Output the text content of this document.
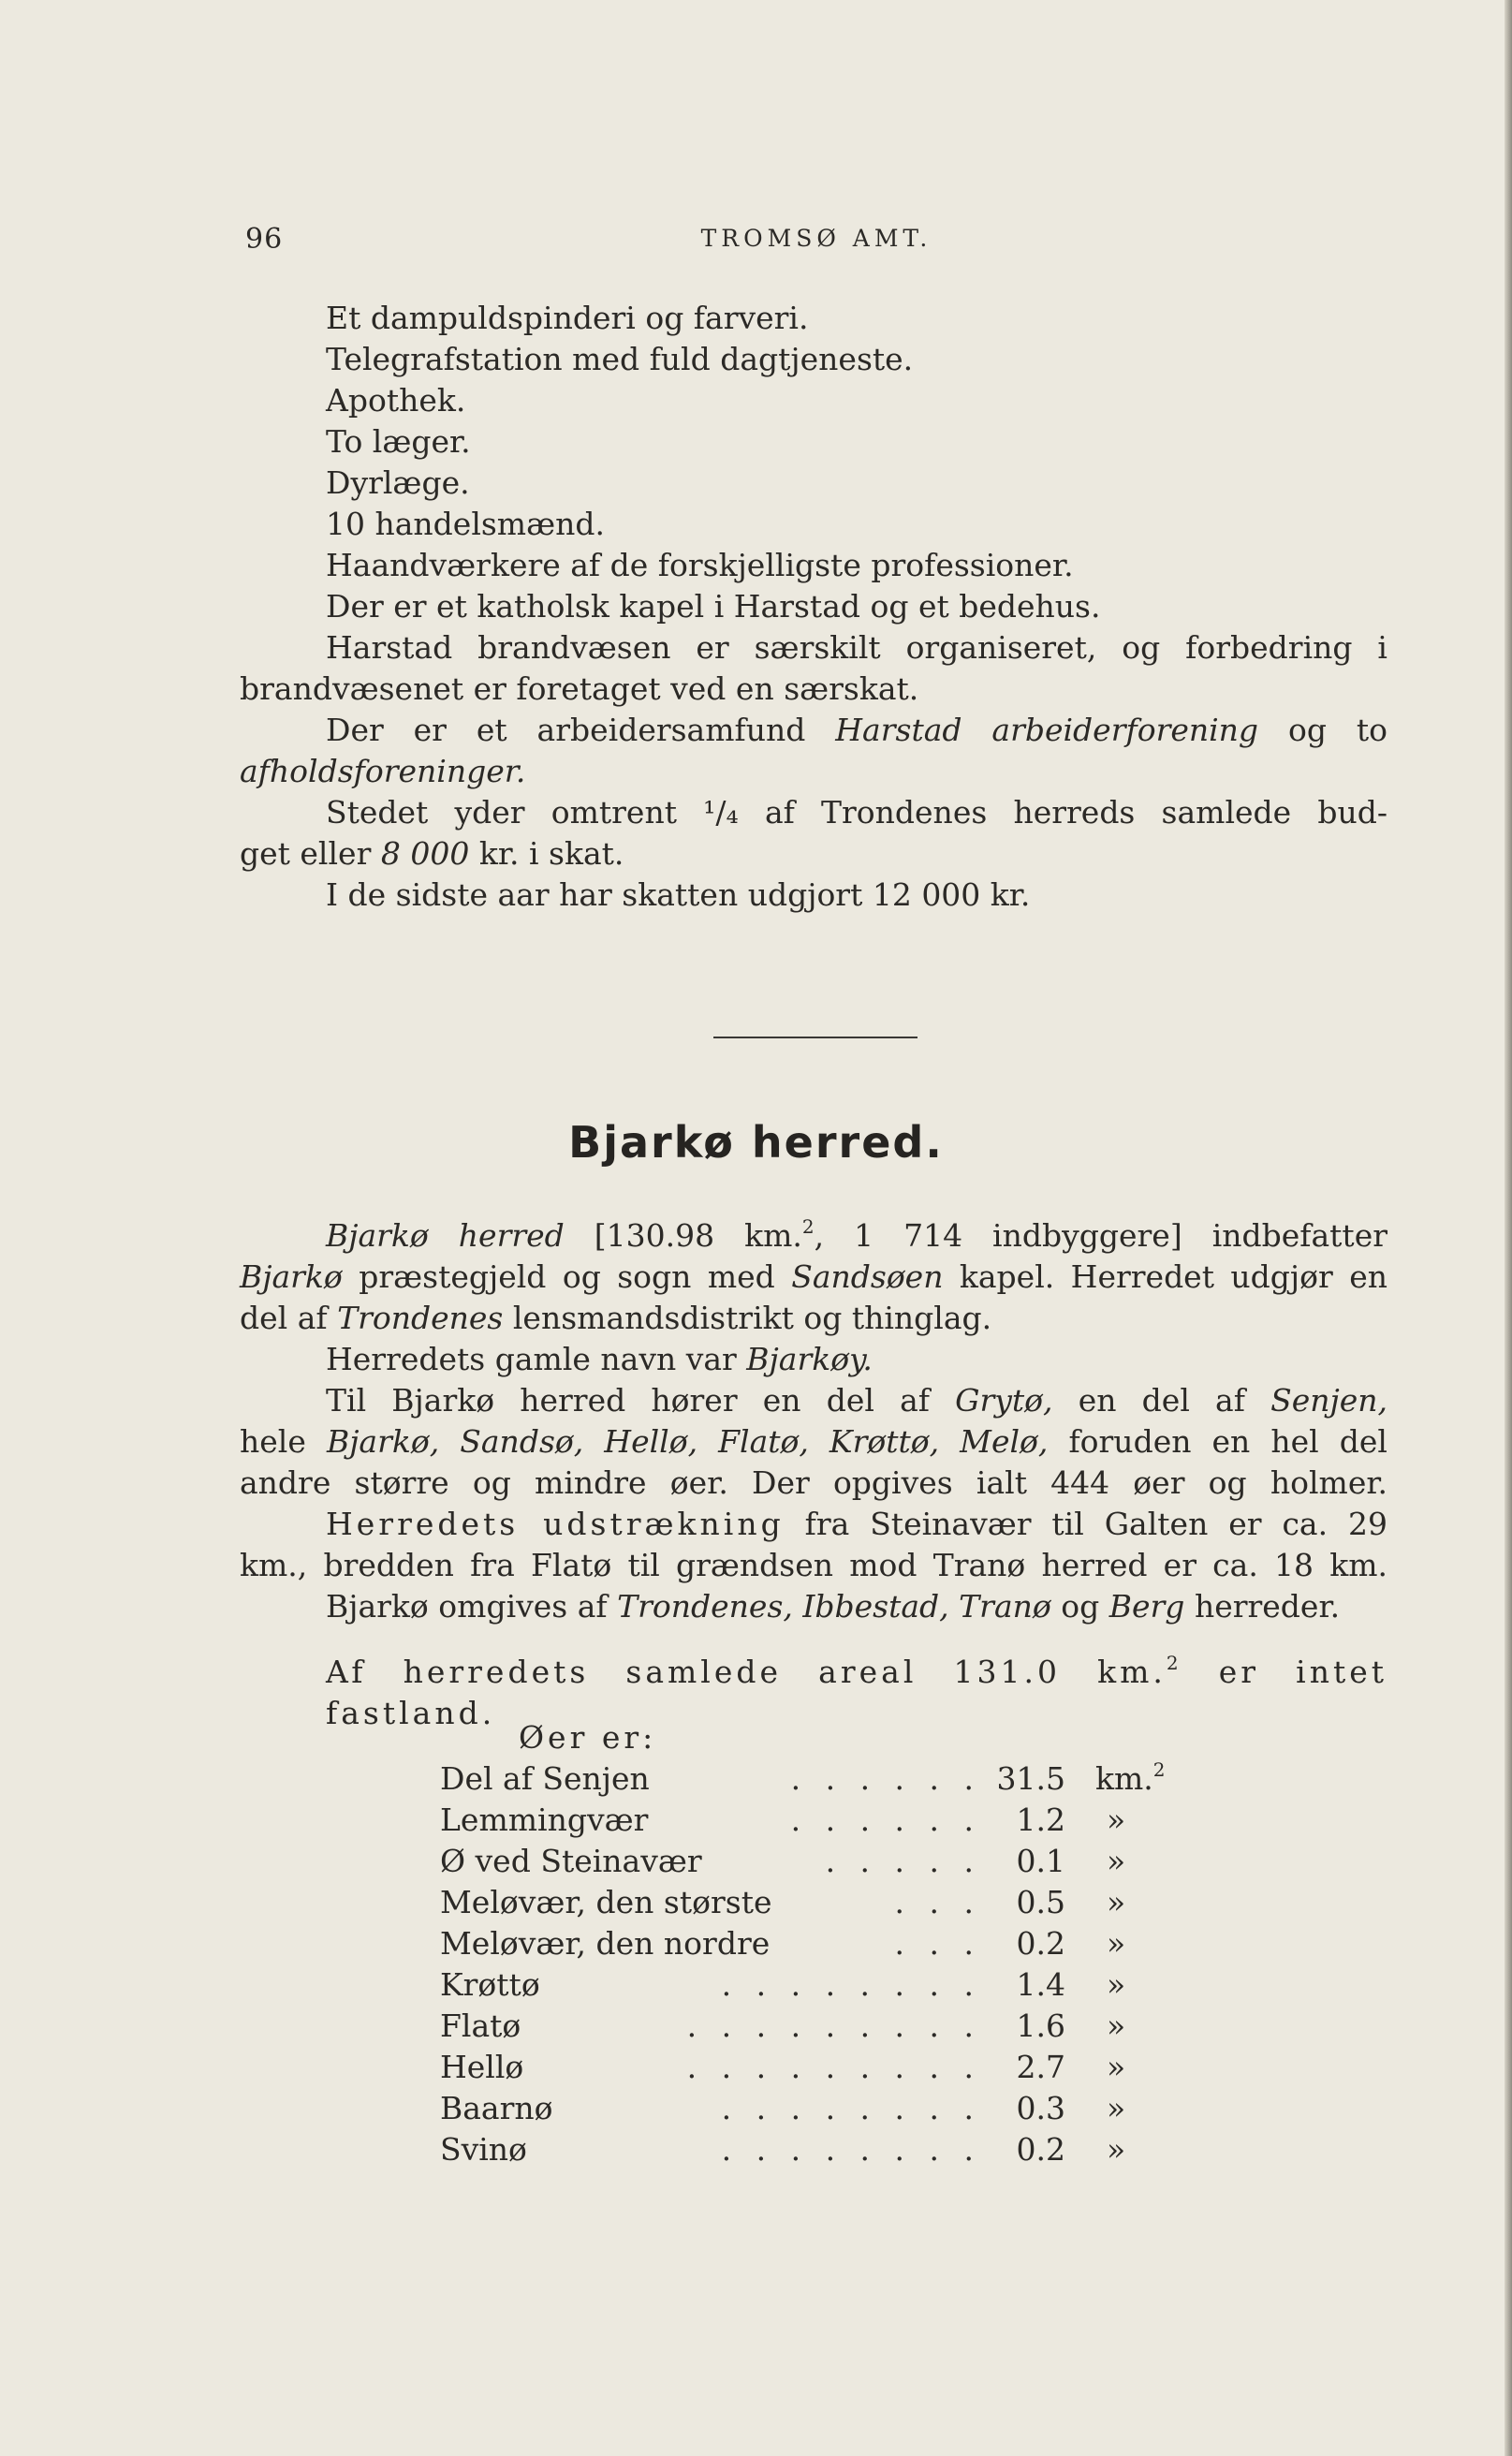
96	TROMSØ AMT.
Et dampuldspinderi og farveri.
Telegrafstation med fuld dagtjeneste.
Apothek.
To læger.
Dyrlæge.
10 handelsmænd.
Haandværkere af de forskjelligste professioner.
Der er et katholsk kapel i Harstad og et bedehus.
Harstad brandvæsen er særskilt organiseret, og forbedring i
brandvæsenet er foretaget ved en særskat.
Der er et arbeidersamfund Harstad arbeiderforening og to
afholdsforeninger.
Stedet yder omtrent ¹/₄ af Trondenes herreds samlede bud-
get eller 8 000 kr. i skat.
I de sidste aar har skatten udgjort 12 000 kr.
Bjarkø herred.
Bjarkø herred [130.98 km.$^2$, 1 714 indbyggere] indbefatter
Bjarkø præstegjeld og sogn med Sandsøen kapel. Herredet udgjør en
del af Trondenes lensmandsdistrikt og thinglag.
Herredets gamle navn var Bjarkøy.
Til Bjarkø herred hører en del af Grytø, en del af Senjen,
hele Bjarkø, Sandsø, Hellø, Flatø, Krøttø, Melø, foruden en hel del
andre større og mindre øer. Der opgives ialt 444 øer og holmer.
Herredets udstrækning fra Steinavær til Galten er ca. 29
km., bredden fra Flatø til grændsen mod Tranø herred er ca. 18 km.
Bjarkø omgives af Trondenes, Ibbestad, Tranø og Berg herreder.
Af herredets samlede areal 131.0 km.$^2$ er intet fastland.
Øer er:
. . . . . .
Del af Senjen	31.5 km.$^2$
. . . . . .
Lemmingvær	1.2 »
. . . . .
Ø ved Steinavær	0.1 »
. . .
Meløvær, den største	0.5 »
. . .
Meløvær, den nordre	0.2 »
. . . . . . . .
Krøttø	1.4 »
. . . . . . . . .
Flatø	1.6 »
. . . . . . . . .
Hellø	2.7 »
. . . . . . . .
Baarnø	0.3 »
. . . . . . . .
Svinø	0.2 »
